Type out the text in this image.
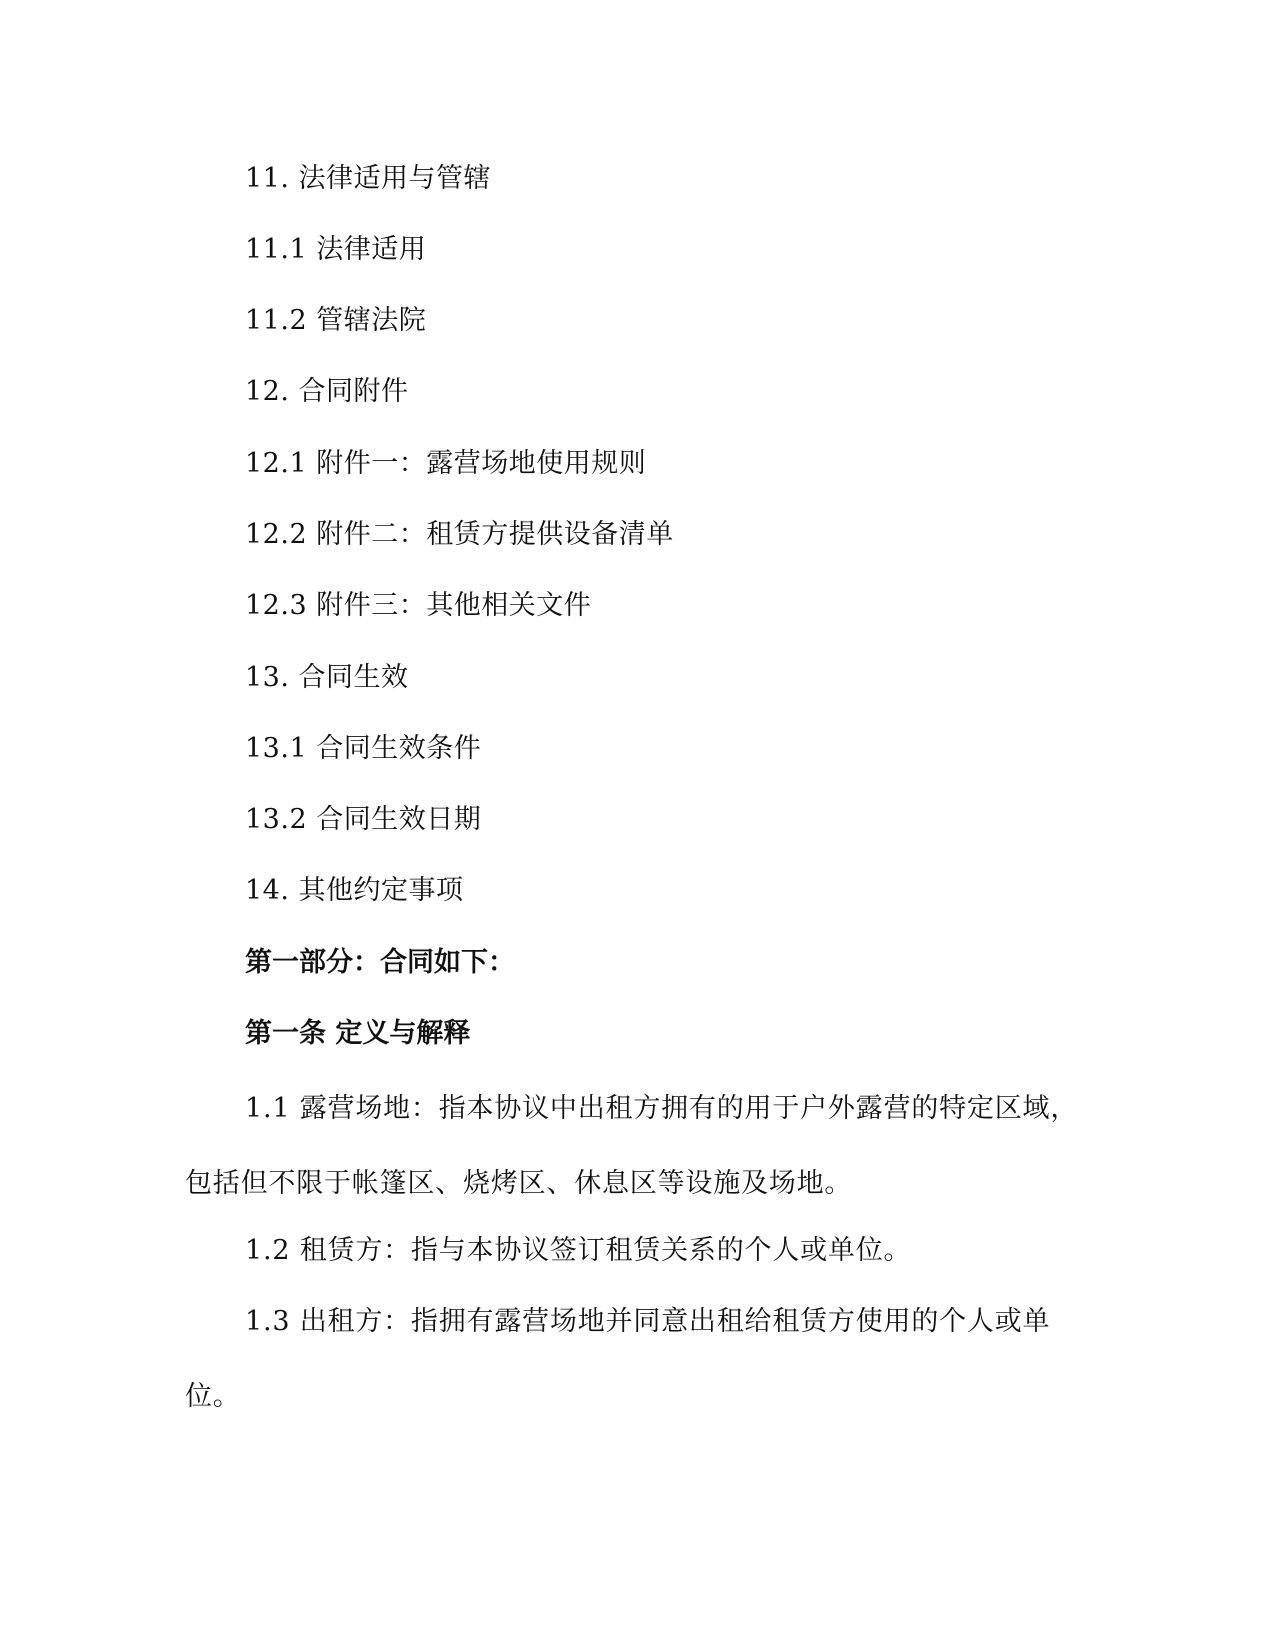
11. 法律适用与管辖
11.1 法律适用
11.2 管辖法院
12. 合同附件
12.1 附件一：露营场地使用规则
12.2 附件二：租赁方提供设备清单
12.3 附件三：其他相关文件
13. 合同生效
13.1 合同生效条件
13.2 合同生效日期
14. 其他约定事项
第一部分：合同如下：
第一条 定义与解释
1.1 露营场地：指本协议中出租方拥有的用于户外露营的特定区域，包括但不限于帐篷区、烧烤区、休息区等设施及场地。
1.2 租赁方：指与本协议签订租赁关系的个人或单位。
1.3 出租方：指拥有露营场地并同意出租给租赁方使用的个人或单位。
